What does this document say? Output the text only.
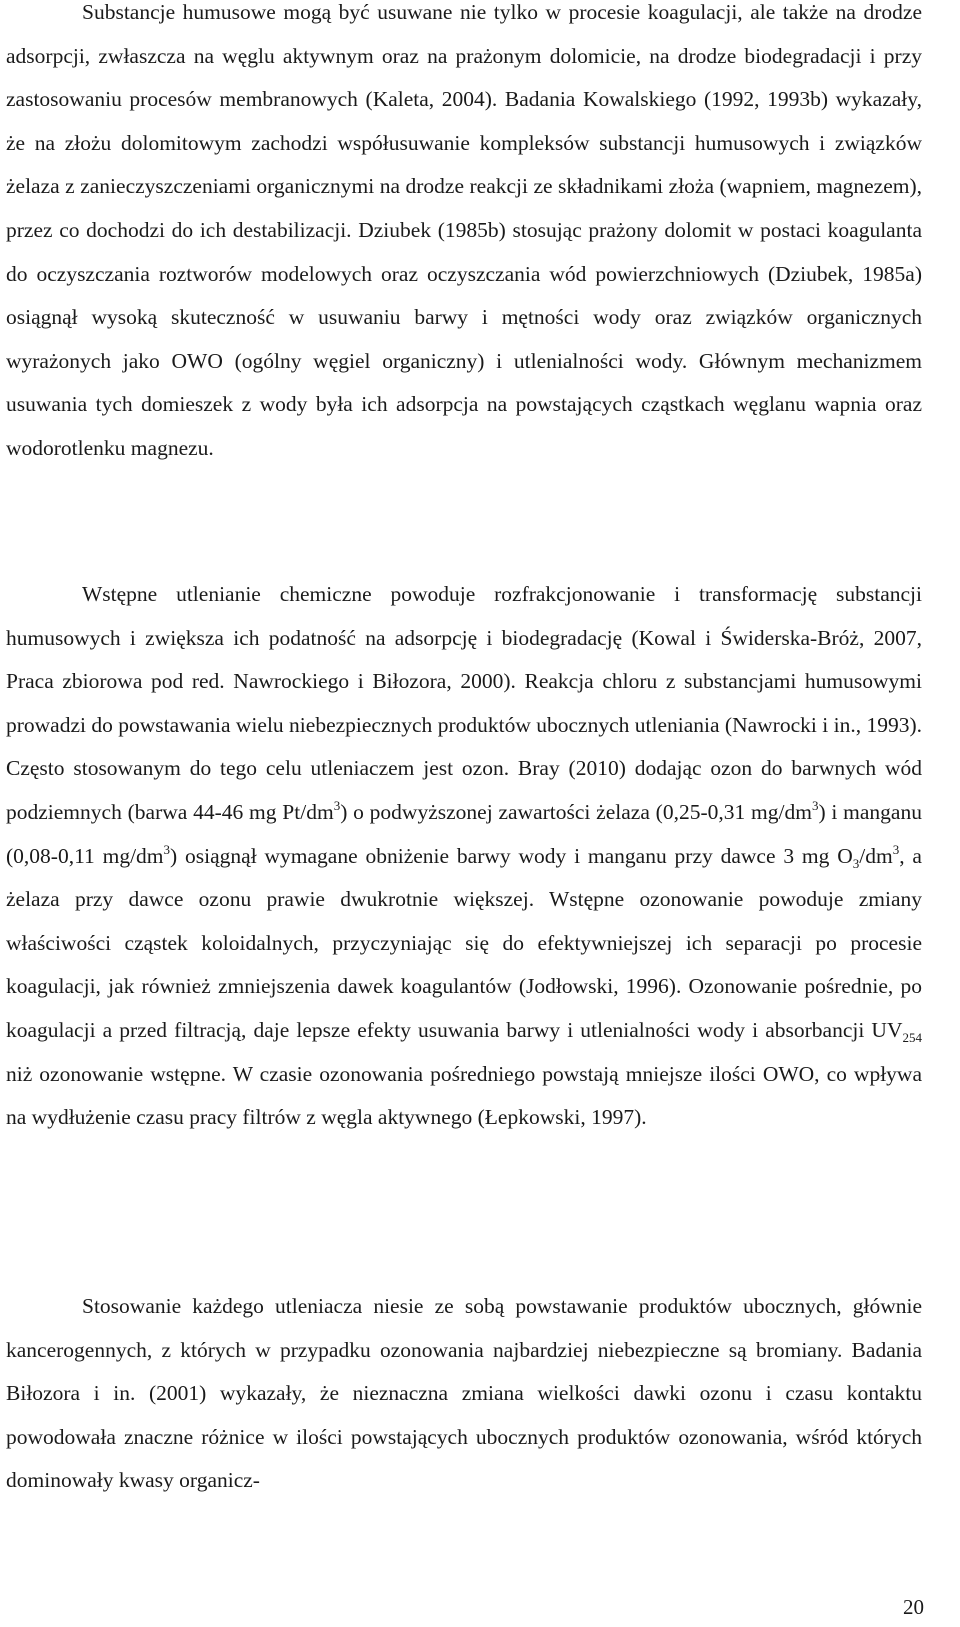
Substancje humusowe mogą być usuwane nie tylko w procesie koagulacji, ale także na drodze adsorpcji, zwłaszcza na węglu aktywnym oraz na prażonym dolomicie, na drodze biodegradacji i przy zastosowaniu procesów membranowych (Kaleta, 2004). Badania Kowalskiego (1992, 1993b) wykazały, że na złożu dolomitowym zachodzi współusuwanie kompleksów substancji humusowych i związków żelaza z zanieczyszczeniami organicznymi na drodze reakcji ze składnikami złoża (wapniem, magnezem), przez co dochodzi do ich destabilizacji. Dziubek (1985b) stosując prażony dolomit w postaci koagulanta do oczyszczania roztworów modelowych oraz oczyszczania wód powierzchniowych (Dziubek, 1985a) osiągnął wysoką skuteczność w usuwaniu barwy i mętności wody oraz związków organicznych wyrażonych jako OWO (ogólny węgiel organiczny) i utlenialności wody. Głównym mechanizmem usuwania tych domieszek z wody była ich adsorpcja na powstających cząstkach węglanu wapnia oraz wodorotlenku magnezu.

Wstępne utlenianie chemiczne powoduje rozfrakcjonowanie i transformację substancji humusowych i zwiększa ich podatność na adsorpcję i biodegradację (Kowal i Świderska-Bróż, 2007, Praca zbiorowa pod red. Nawrockiego i Biłozora, 2000). Reakcja chloru z substancjami humusowymi prowadzi do powstawania wielu niebezpiecznych produktów ubocznych utleniania (Nawrocki i in., 1993). Często stosowanym do tego celu utleniaczem jest ozon. Bray (2010) dodając ozon do barwnych wód podziemnych (barwa 44-46 mg $Pt/dm^3$) o podwyższonej zawartości żelaza (0,25-0,31 $mg/dm^3$) i manganu (0,08-0,11 $mg/dm^3$) osiągnął wymagane obniżenie barwy wody i manganu przy dawce 3 mg $O_3/dm^3$, a żelaza przy dawce ozonu prawie dwukrotnie większej. Wstępne ozonowanie powoduje zmiany właściwości cząstek koloidalnych, przyczyniając się do efektywniejszej ich separacji po procesie koagulacji, jak również zmniejszenia dawek koagulantów (Jodłowski, 1996). Ozonowanie pośrednie, po koagulacji a przed filtracją, daje lepsze efekty usuwania barwy i utlenialności wody i absorbancji $UV_{254}$ niż ozonowanie wstępne. W czasie ozonowania pośredniego powstają mniejsze ilości OWO, co wpływa na wydłużenie czasu pracy filtrów z węgla aktywnego (Łepkowski, 1997).

Stosowanie każdego utleniacza niesie ze sobą powstawanie produktów ubocznych, głównie kancerogennych, z których w przypadku ozonowania najbardziej niebezpieczne są bromiany. Badania Biłozora i in. (2001) wykazały, że nieznaczna zmiana wielkości dawki ozonu i czasu kontaktu powodowała znaczne różnice w ilości powstających ubocznych produktów ozonowania, wśród których dominowały kwasy organicz-

20
